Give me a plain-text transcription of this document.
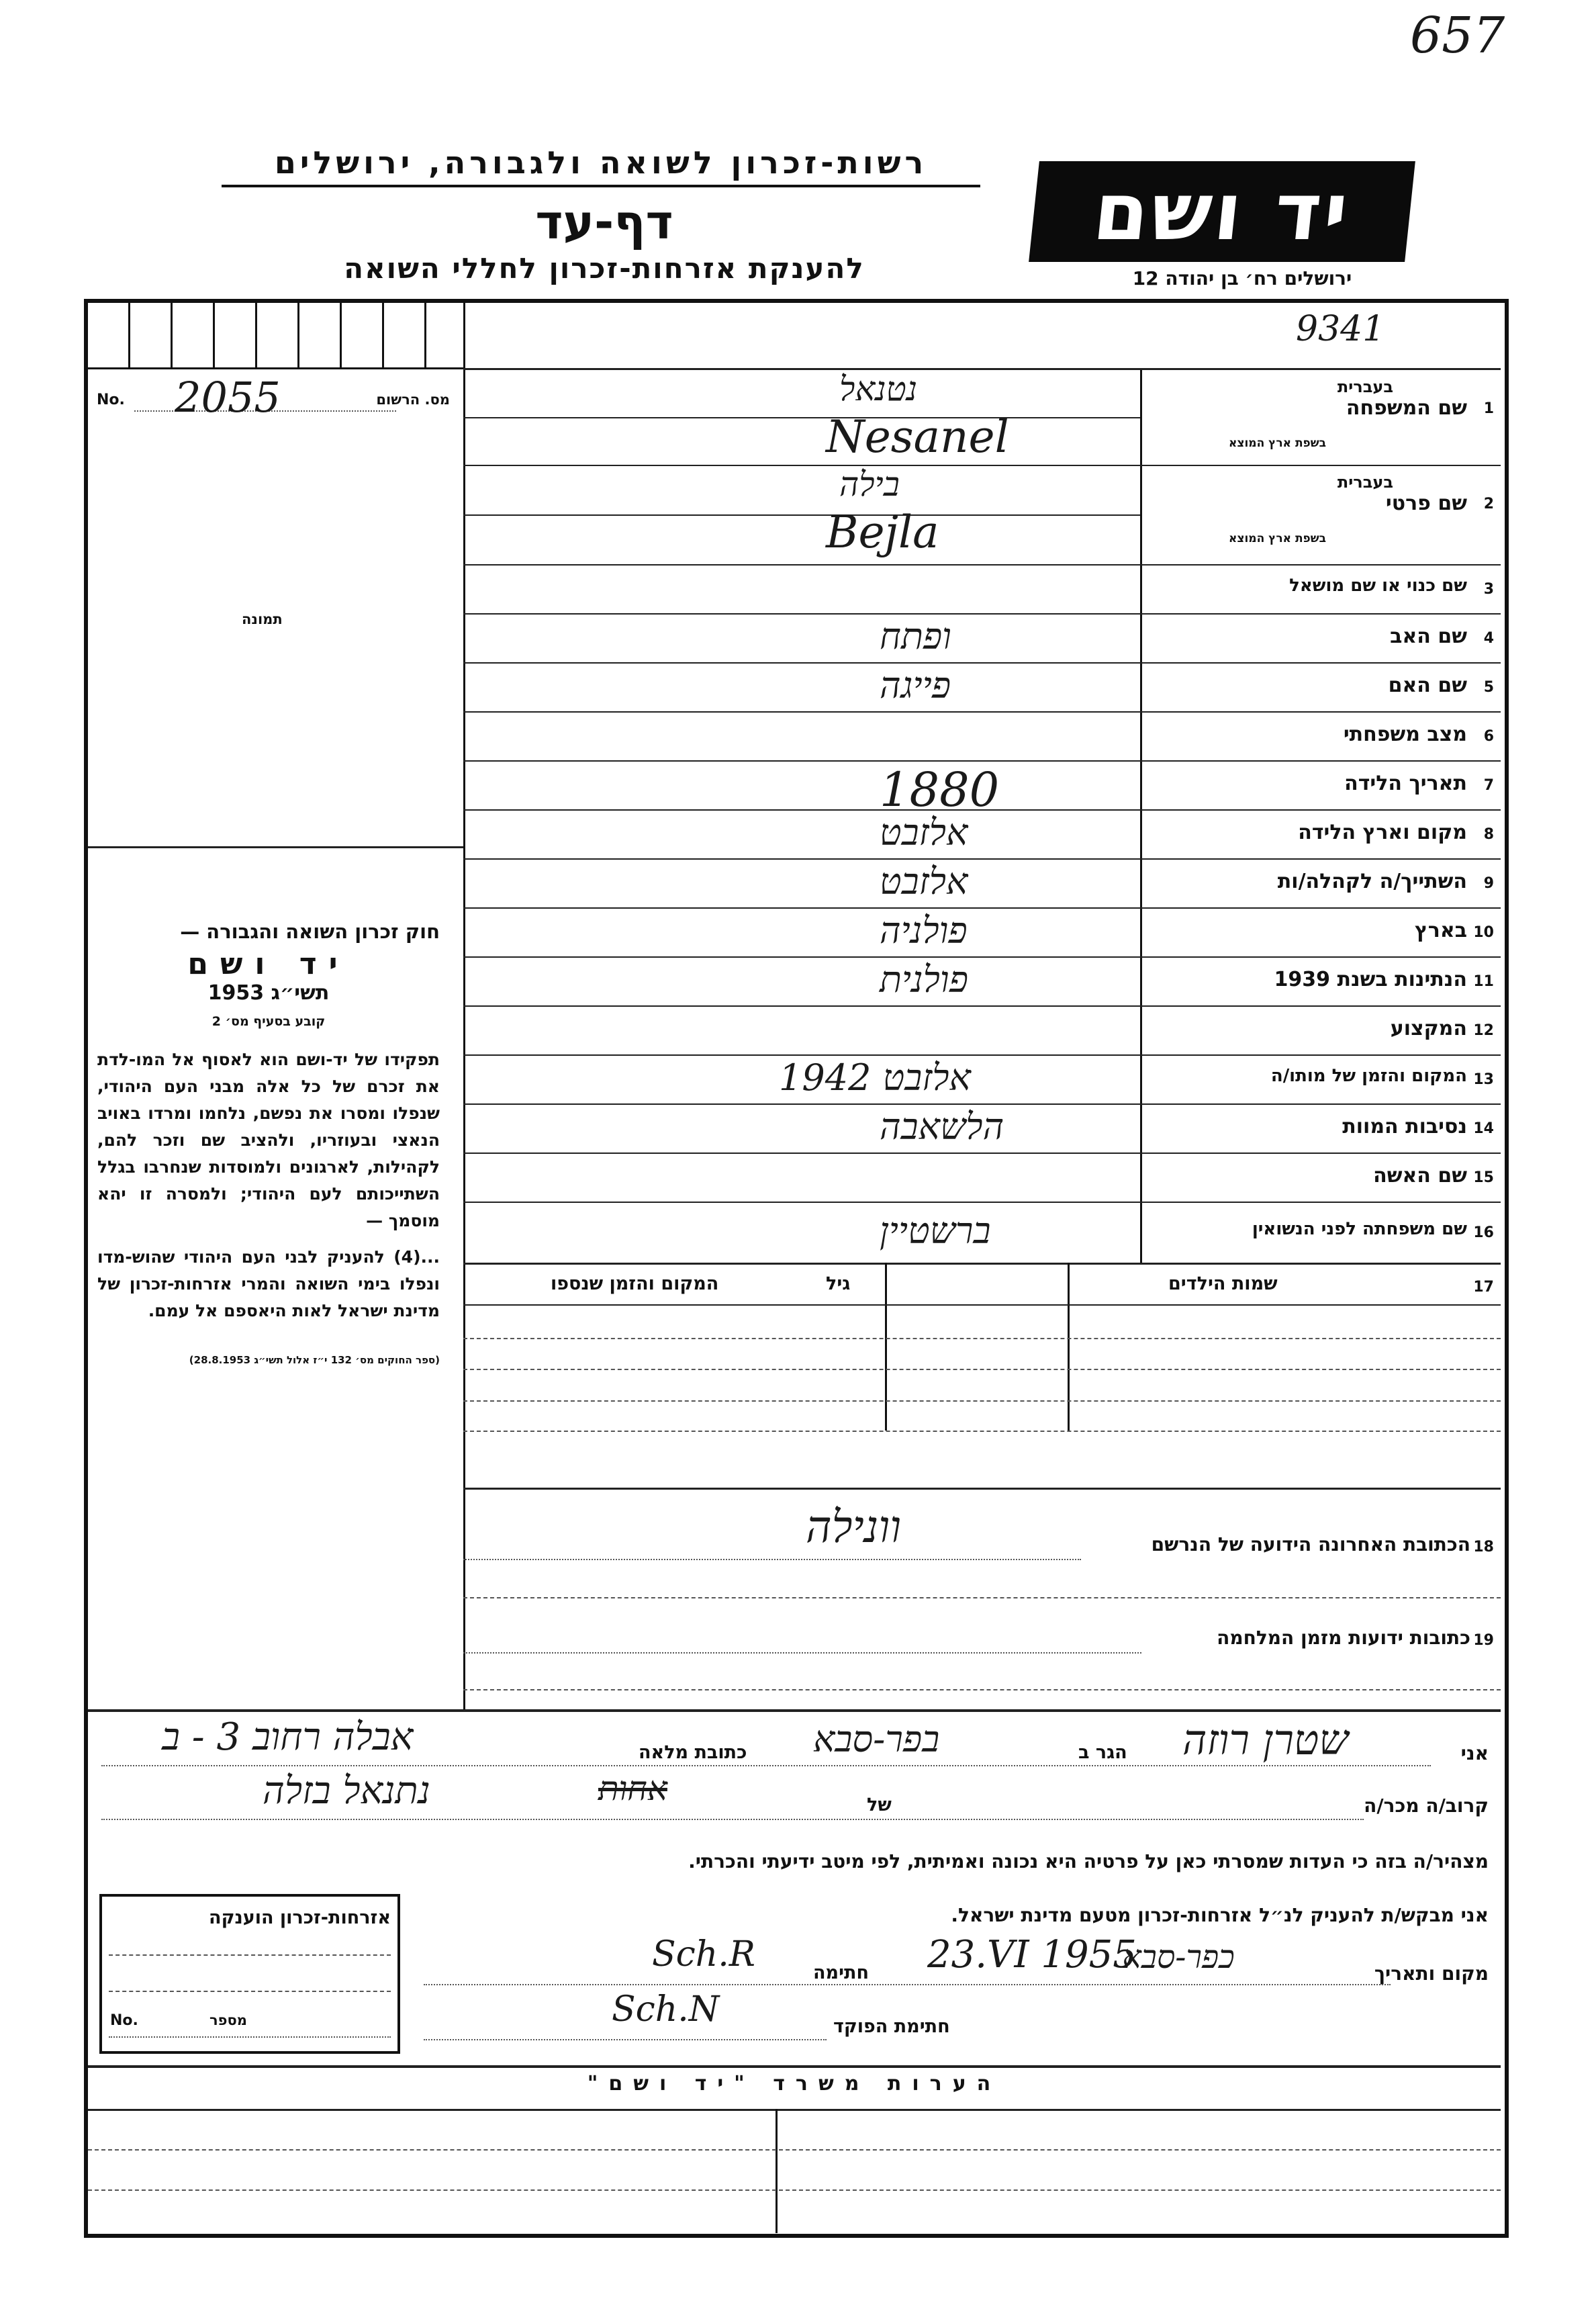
657
רשות-זכרון לשואה ולגבורה, ירושלים
דף-עד
להענקת אזרחות-זכרון לחללי השואה
יד ושם
ירושלים רח׳ בן יהודה 12
9341
מס. הרשום
No. 2055
תמונה
חוק זכרון השואה והגבורה —
יד ושם
תשי״ג 1953
קובע בסעיף מס׳ 2
תפקידו של יד-ושם הוא לאסוף אל המו-לדת את זכרם של כל אלה מבני העם היהודי, שנפלו ומסרו את נפשם, נלחמו ומרדו באויב הנאצי ובעוזריו, ולהציב שם וזכר להם, לקהילות, לארגונים ולמוסדות שנחרבו בגלל השתייכותם לעם היהודי; ולמסרה זו יהא מוסמך —
...(4) להעניק לבני העם היהודי שהוש-מדו ונפלו בימי השואה והמרי אזרחות-זכרון של מדינת ישראל לאות היאספם אל עמם.
(ספר החוקים מס׳ 132 י״ז אלול תשי״ג 28.8.1953)
1
שם המשפחה
בעברית
בשפת ארץ המוצא
נטנאל
Nesanel
2
שם פרטי
בעברית
בשפת ארץ המוצא
בילה
Bejla
3
שם כנוי או שם מושאל
4
שם האב
ופתח
5
שם האם
פייגה
6
מצב משפחתי
7
תאריך הלידה
1880
8
מקום וארץ הלידה
אלזבט
9
השתייך/ה לקהלה/ות
אלזבט
10
בארץ
פולניה
11
הנתינות בשנת 1939
פולנית
12
המקצוע
13
המקום והזמן של מותו/ה
אלזבט 1942
14
נסיבות המוות
הלשאבה
15
שם האשה
16
שם משפחתה לפני הנשואין
ברשטיין
17
שמות הילדים
גיל
המקום והזמן שנספו
18
הכתובת האחרונה הידועה של הנרשם
וונילה
19
כתובות ידועות מזמן המלחמה
אני
שטרן רוזה
הגר ב
בפר-סבא
כתובת מלאה
אבלה רחוב 3 - ב
קרוב/ה מכר/ה
אחות	של
נתנאל בזלה
מצהיר/ה בזה כי העדות שמסרתי כאן על פרטיה היא נכונה ואמיתית, לפי מיטב ידיעתי והכרתי.
אני מבקש/ת להעניק לנ״ל אזרחות-זכרון מטעם מדינת ישראל.
מקום ותאריך
כפר-סבא
23.VI 1955
חתימה
Sch.R
חתימת הפוקד
Sch.N
אזרחות-זכרון הוענקה
No.	מספר
הערות משרד "יד ושם"
